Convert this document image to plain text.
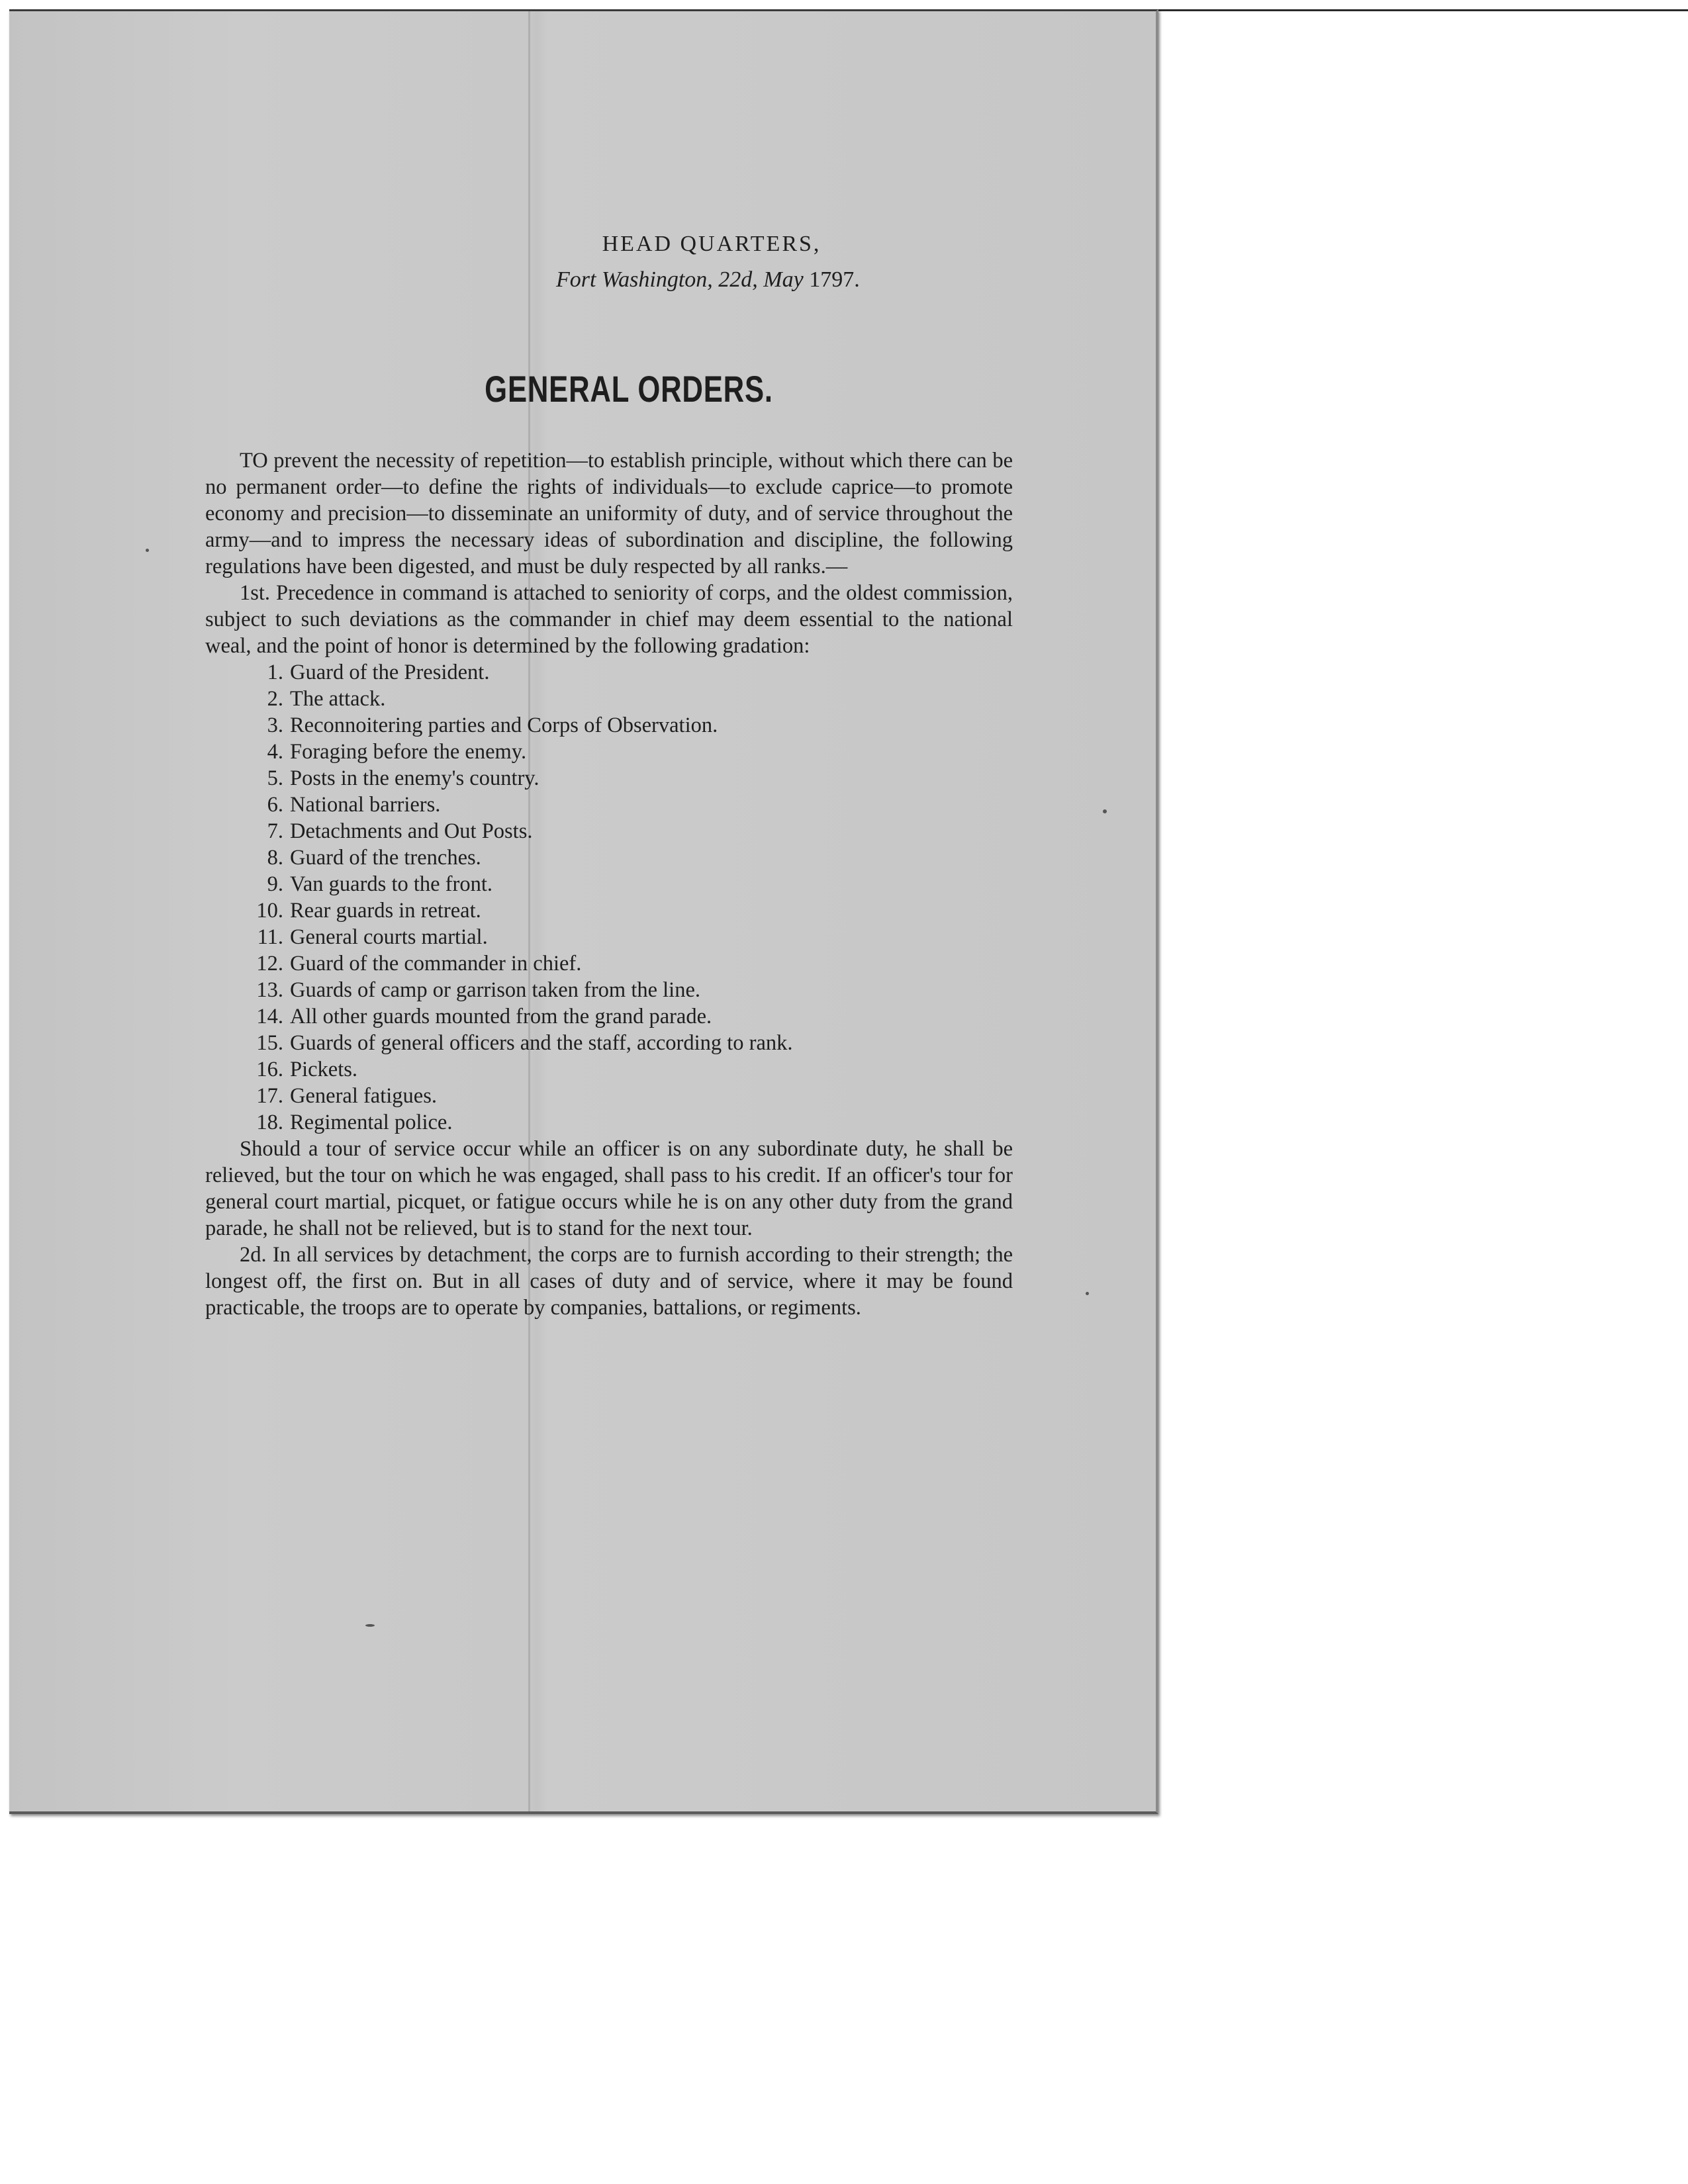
HEAD QUARTERS,
Fort Washington, 22d, May 1797.
GENERAL ORDERS.

TO prevent the necessity of repetition—to establish principle, without which there can be no permanent order—to define the rights of individuals—to exclude caprice—to promote economy and precision—to disseminate an uniformity of duty, and of service throughout the army—and to impress the necessary ideas of subordination and discipline, the following regulations have been digested, and must be duly respected by all ranks.—

1st. Precedence in command is attached to seniority of corps, and the oldest commission, subject to such deviations as the commander in chief may deem essential to the national weal, and the point of honor is determined by the following gradation:

1. Guard of the President.
2. The attack.
3. Reconnoitering parties and Corps of Observation.
4. Foraging before the enemy.
5. Posts in the enemy's country.
6. National barriers.
7. Detachments and Out Posts.
8. Guard of the trenches.
9. Van guards to the front.
10. Rear guards in retreat.
11. General courts martial.
12. Guard of the commander in chief.
13. Guards of camp or garrison taken from the line.
14. All other guards mounted from the grand parade.
15. Guards of general officers and the staff, according to rank.
16. Pickets.
17. General fatigues.
18. Regimental police.

Should a tour of service occur while an officer is on any subordinate duty, he shall be relieved, but the tour on which he was engaged, shall pass to his credit. If an officer's tour for general court martial, picquet, or fatigue occurs while he is on any other duty from the grand parade, he shall not be relieved, but is to stand for the next tour.

2d. In all services by detachment, the corps are to furnish according to their strength; the longest off, the first on. But in all cases of duty and of service, where it may be found practicable, the troops are to operate by companies, battalions, or regiments.
